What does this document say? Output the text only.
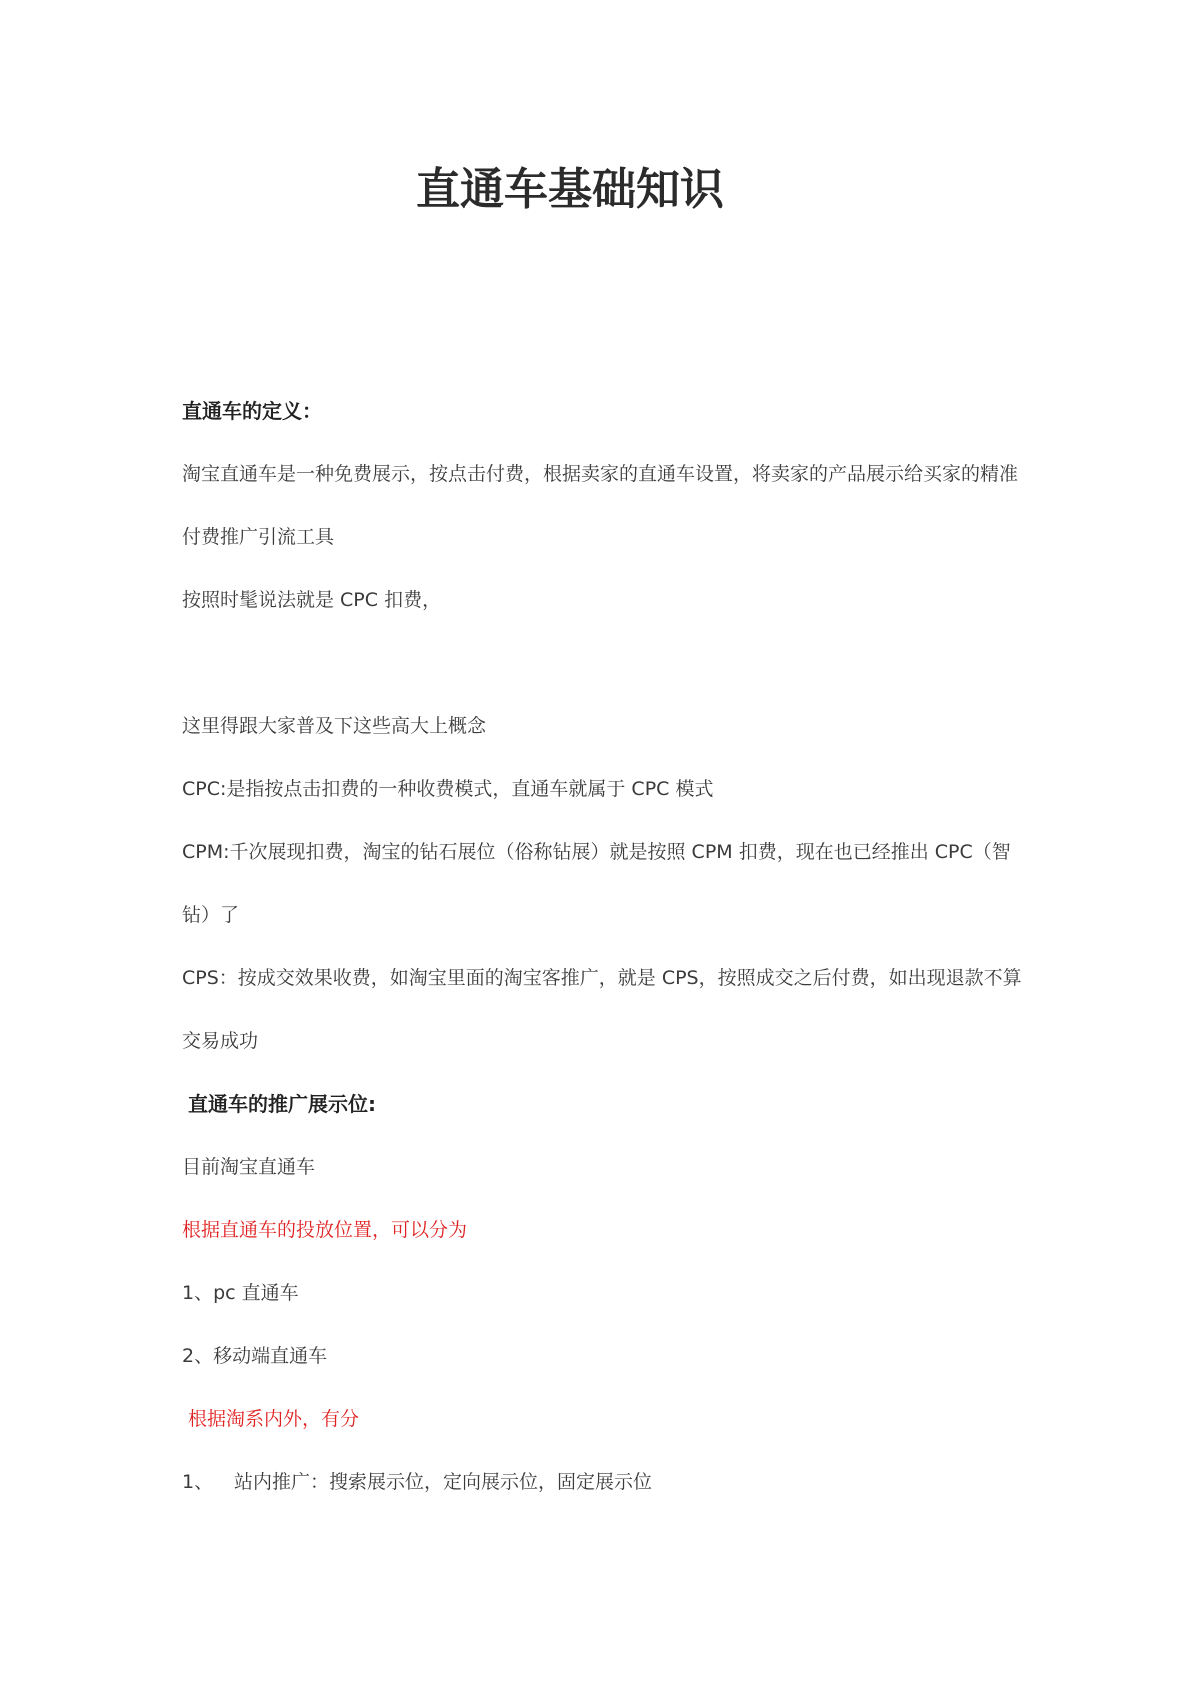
直通车基础知识

直通车的定义：

淘宝直通车是一种免费展示，按点击付费，根据卖家的直通车设置，将卖家的产品展示给买家的精准

付费推广引流工具

按照时髦说法就是 CPC 扣费，

这里得跟大家普及下这些高大上概念

CPC:是指按点击扣费的一种收费模式，直通车就属于 CPC 模式

CPM:千次展现扣费，淘宝的钻石展位（俗称钻展）就是按照 CPM 扣费，现在也已经推出 CPC（智

钻）了

CPS：按成交效果收费，如淘宝里面的淘宝客推广，就是 CPS，按照成交之后付费，如出现退款不算

交易成功

直通车的推广展示位:

目前淘宝直通车

根据直通车的投放位置，可以分为

1、pc 直通车

2、移动端直通车

根据淘系内外，有分

1、 站内推广：搜索展示位，定向展示位，固定展示位
